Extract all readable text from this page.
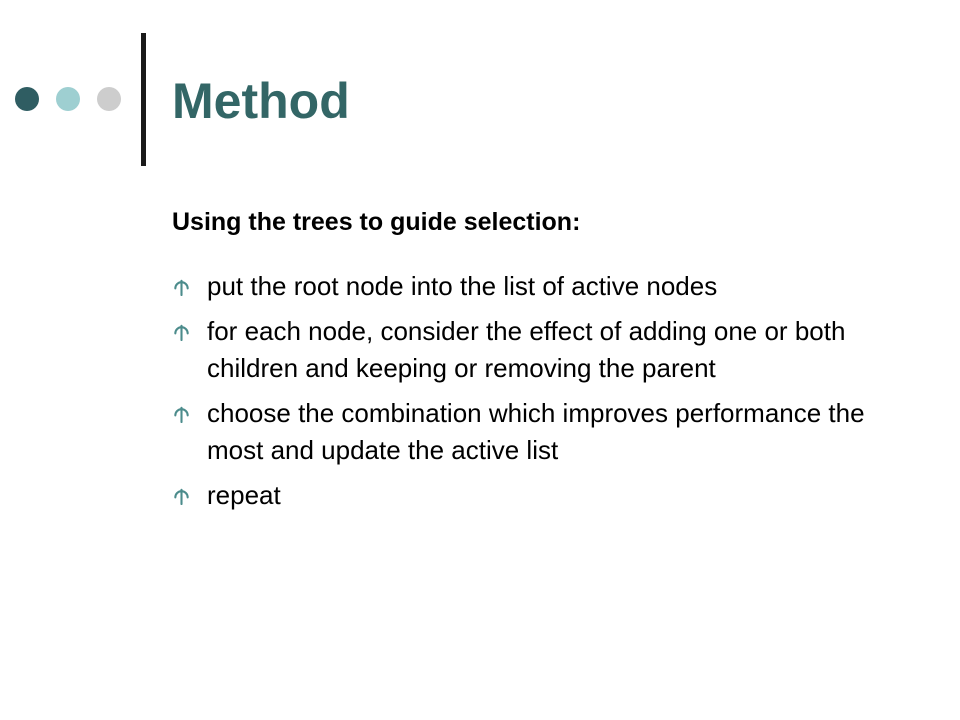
Method

Using the trees to guide selection:

put the root node into the list of active nodes
for each node, consider the effect of adding one or both children and keeping or removing the parent
choose the combination which improves performance the most and update the active list
repeat
